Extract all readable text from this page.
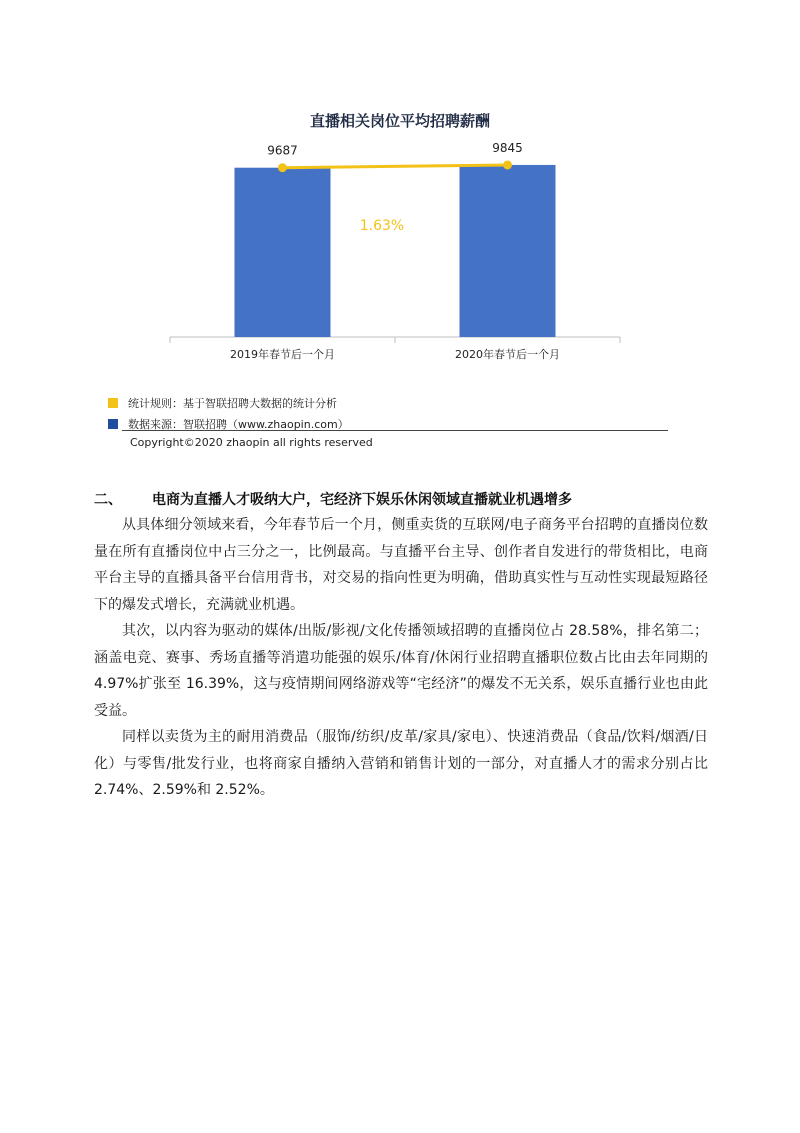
直播相关岗位平均招聘薪酬
2019年春节后一个月	2020年春节后一个月
9687	9845
1.63%
统计规则：基于智联招聘大数据的统计分析
数据来源：智联招聘（www.zhaopin.com）
Copyright©2020 zhaopin all rights reserved
二、	电商为直播人才吸纳大户，宅经济下娱乐休闲领域直播就业机遇增多

从具体细分领域来看，今年春节后一个月，侧重卖货的互联网/电子商务平台招聘的直播岗位数量在所有直播岗位中占三分之一，比例最高。与直播平台主导、创作者自发进行的带货相比，电商平台主导的直播具备平台信用背书，对交易的指向性更为明确，借助真实性与互动性实现最短路径下的爆发式增长，充满就业机遇。

其次，以内容为驱动的媒体/出版/影视/文化传播领域招聘的直播岗位占 28.58%，排名第二；涵盖电竞、赛事、秀场直播等消遣功能强的娱乐/体育/休闲行业招聘直播职位数占比由去年同期的 4.97%扩张至 16.39%，这与疫情期间网络游戏等“宅经济”的爆发不无关系，娱乐直播行业也由此受益。

同样以卖货为主的耐用消费品（服饰/纺织/皮革/家具/家电）、快速消费品（食品/饮料/烟酒/日化）与零售/批发行业，也将商家自播纳入营销和销售计划的一部分，对直播人才的需求分别占比 2.74%、2.59%和 2.52%。
